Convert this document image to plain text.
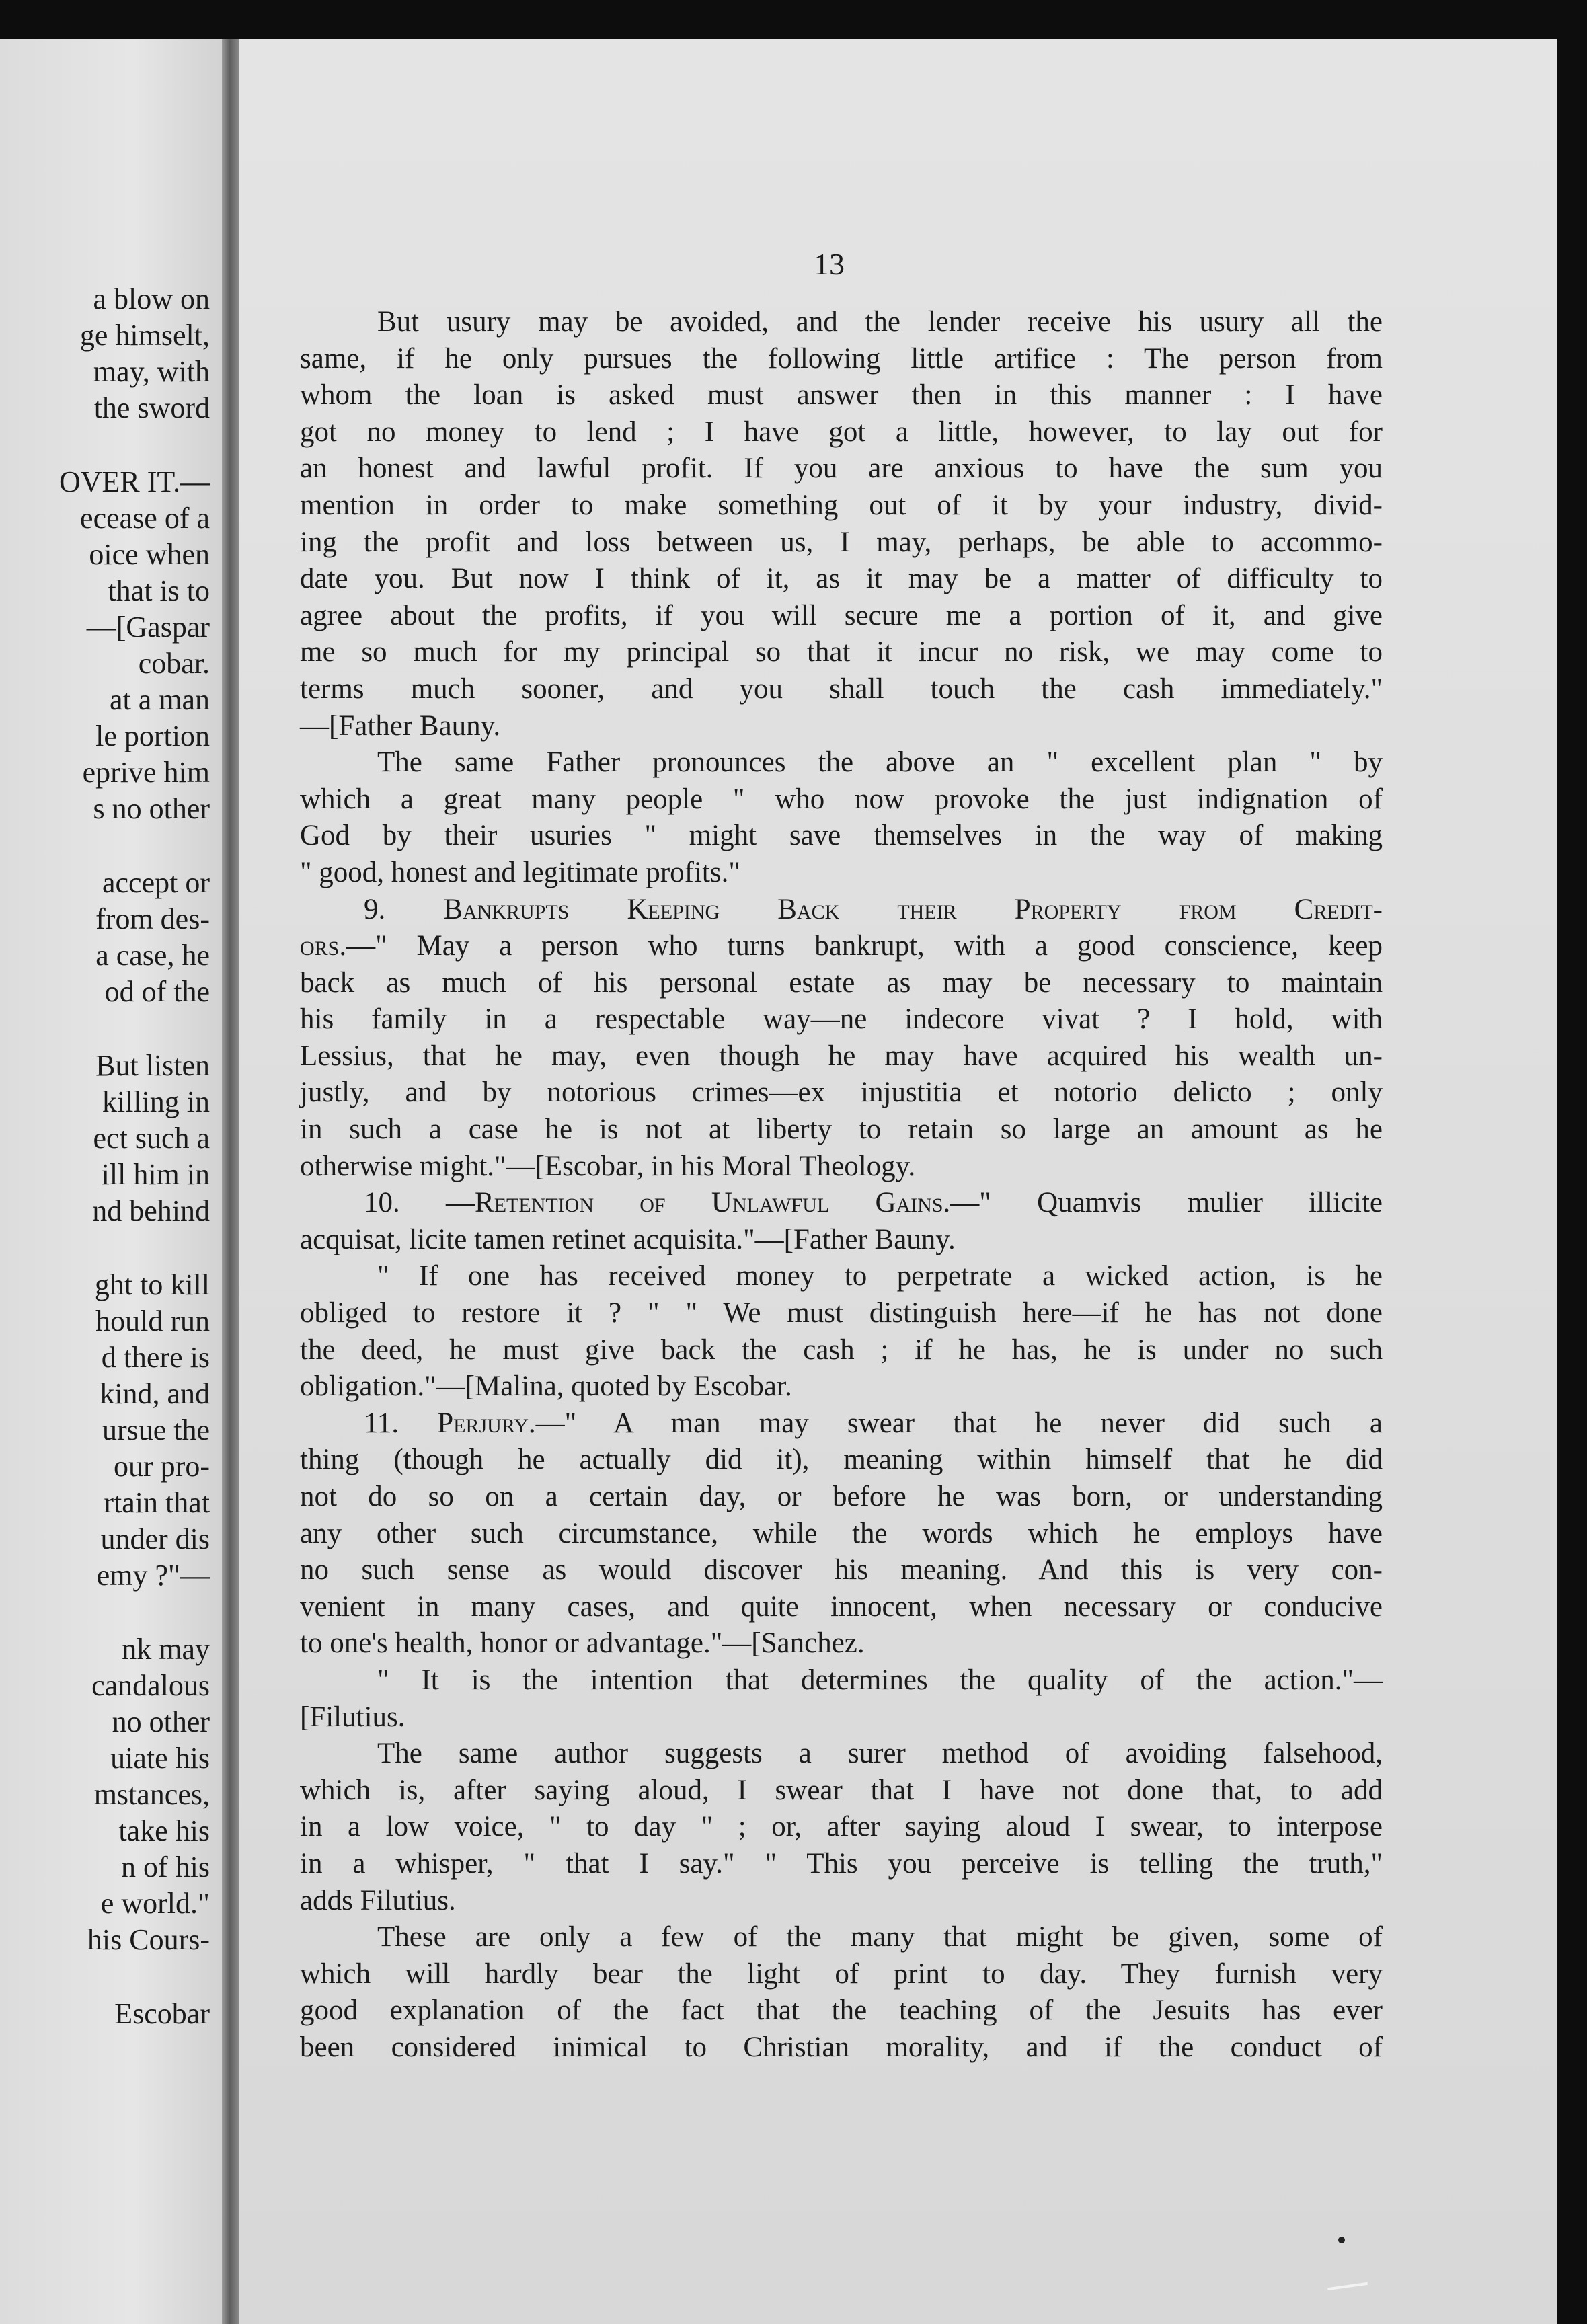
a blow on
ge himselt,
may, with
the sword
OVER IT.—
ecease of a
oice when
that is to
—[Gaspar
cobar.
at a man
le portion
eprive him
s no other
accept or
from des-
a case, he
od of the
But listen
killing in
ect such a
ill him in
nd behind
ght to kill
hould run
d there is
kind, and
ursue the
our pro-
rtain that
under dis
emy ?"—
nk may
candalous
no other
uiate his
mstances,
take his
n of his
e world."
his Cours-
Escobar
13
But usury may be avoided, and the lender receive his usury all the
same, if he only pursues the following little artifice : The person from
whom the loan is asked must answer then in this manner : I have
got no money to lend ; I have got a little, however, to lay out for
an honest and lawful profit. If you are anxious to have the sum you
mention in order to make something out of it by your industry, divid-
ing the profit and loss between us, I may, perhaps, be able to accommo-
date you. But now I think of it, as it may be a matter of difficulty to
agree about the profits, if you will secure me a portion of it, and give
me so much for my principal so that it incur no risk, we may come to
terms much sooner, and you shall touch the cash immediately."
—[Father Bauny.
The same Father pronounces the above an " excellent plan " by
which a great many people " who now provoke the just indignation of
God by their usuries " might save themselves in the way of making
" good, honest and legitimate profits."
9. Bankrupts Keeping Back their Property from Credit-
ors.—" May a person who turns bankrupt, with a good conscience, keep
back as much of his personal estate as may be necessary to maintain
his family in a respectable way—ne indecore vivat ? I hold, with
Lessius, that he may, even though he may have acquired his wealth un-
justly, and by notorious crimes—ex injustitia et notorio delicto ; only
in such a case he is not at liberty to retain so large an amount as he
otherwise might."—[Escobar, in his Moral Theology.
10. —Retention of Unlawful Gains.—" Quamvis mulier illicite
acquisat, licite tamen retinet acquisita."—[Father Bauny.
" If one has received money to perpetrate a wicked action, is he
obliged to restore it ? " " We must distinguish here—if he has not done
the deed, he must give back the cash ; if he has, he is under no such
obligation."—[Malina, quoted by Escobar.
11. Perjury.—" A man may swear that he never did such a
thing (though he actually did it), meaning within himself that he did
not do so on a certain day, or before he was born, or understanding
any other such circumstance, while the words which he employs have
no such sense as would discover his meaning. And this is very con-
venient in many cases, and quite innocent, when necessary or conducive
to one's health, honor or advantage."—[Sanchez.
" It is the intention that determines the quality of the action."—
[Filutius.
The same author suggests a surer method of avoiding falsehood,
which is, after saying aloud, I swear that I have not done that, to add
in a low voice, " to day " ; or, after saying aloud I swear, to interpose
in a whisper, " that I say." " This you perceive is telling the truth,"
adds Filutius.
These are only a few of the many that might be given, some of
which will hardly bear the light of print to day. They furnish very
good explanation of the fact that the teaching of the Jesuits has ever
been considered inimical to Christian morality, and if the conduct of
